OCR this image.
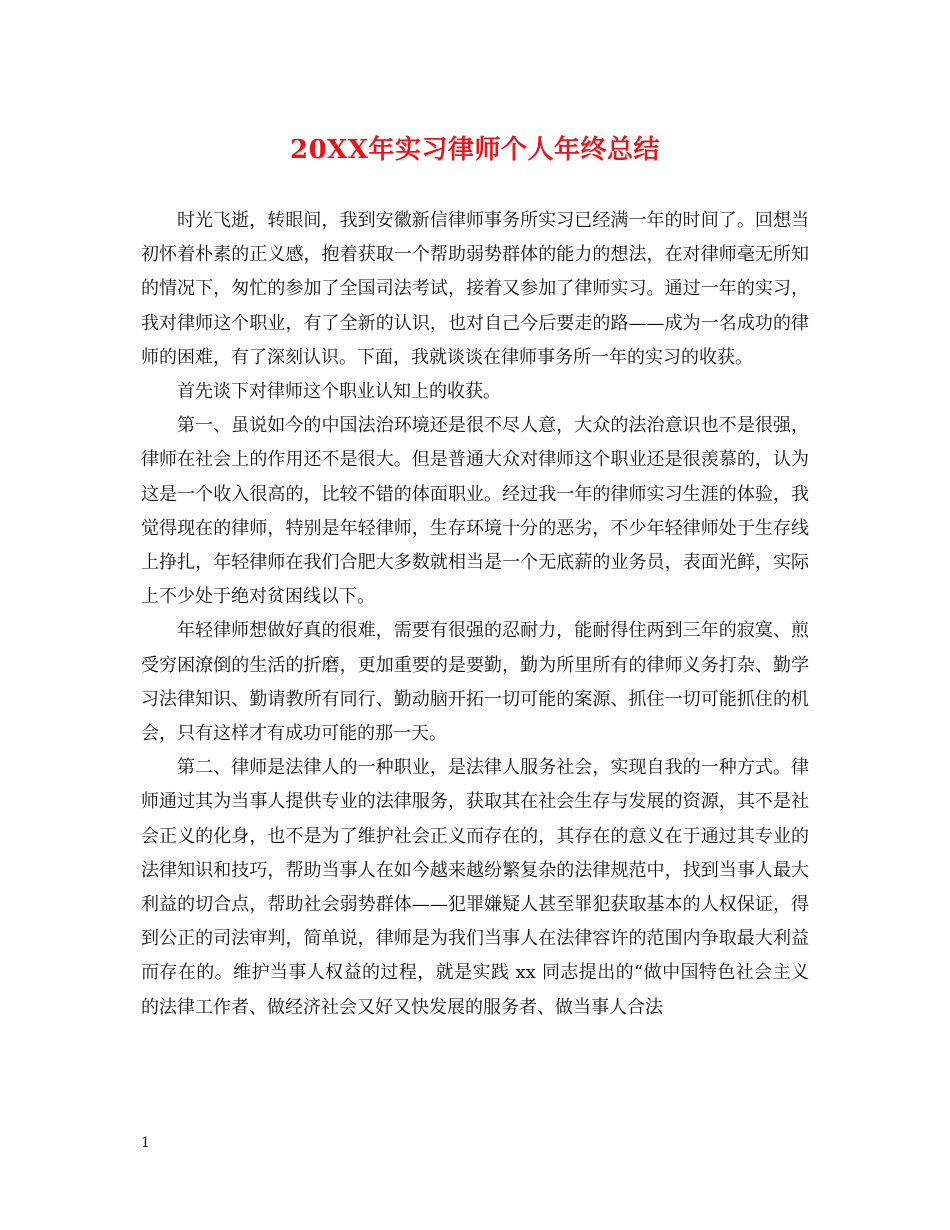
20XX年实习律师个人年终总结

时光飞逝，转眼间，我到安徽新信律师事务所实习已经满一年的时间了。回想当初怀着朴素的正义感，抱着获取一个帮助弱势群体的能力的想法，在对律师毫无所知的情况下，匆忙的参加了全国司法考试，接着又参加了律师实习。通过一年的实习，我对律师这个职业，有了全新的认识，也对自己今后要走的路——成为一名成功的律师的困难，有了深刻认识。下面，我就谈谈在律师事务所一年的实习的收获。

首先谈下对律师这个职业认知上的收获。

第一、虽说如今的中国法治环境还是很不尽人意，大众的法治意识也不是很强，律师在社会上的作用还不是很大。但是普通大众对律师这个职业还是很羡慕的，认为这是一个收入很高的，比较不错的体面职业。经过我一年的律师实习生涯的体验，我觉得现在的律师，特别是年轻律师，生存环境十分的恶劣，不少年轻律师处于生存线上挣扎，年轻律师在我们合肥大多数就相当是一个无底薪的业务员，表面光鲜，实际上不少处于绝对贫困线以下。

年轻律师想做好真的很难，需要有很强的忍耐力，能耐得住两到三年的寂寞、煎受穷困潦倒的生活的折磨，更加重要的是要勤，勤为所里所有的律师义务打杂、勤学习法律知识、勤请教所有同行、勤动脑开拓一切可能的案源、抓住一切可能抓住的机会，只有这样才有成功可能的那一天。

第二、律师是法律人的一种职业，是法律人服务社会，实现自我的一种方式。律师通过其为当事人提供专业的法律服务，获取其在社会生存与发展的资源，其不是社会正义的化身，也不是为了维护社会正义而存在的，其存在的意义在于通过其专业的法律知识和技巧，帮助当事人在如今越来越纷繁复杂的法律规范中，找到当事人最大利益的切合点，帮助社会弱势群体——犯罪嫌疑人甚至罪犯获取基本的人权保证，得到公正的司法审判，简单说，律师是为我们当事人在法律容许的范围内争取最大利益而存在的。维护当事人权益的过程，就是实践 xx 同志提出的“做中国特色社会主义的法律工作者、做经济社会又好又快发展的服务者、做当事人合法

1
